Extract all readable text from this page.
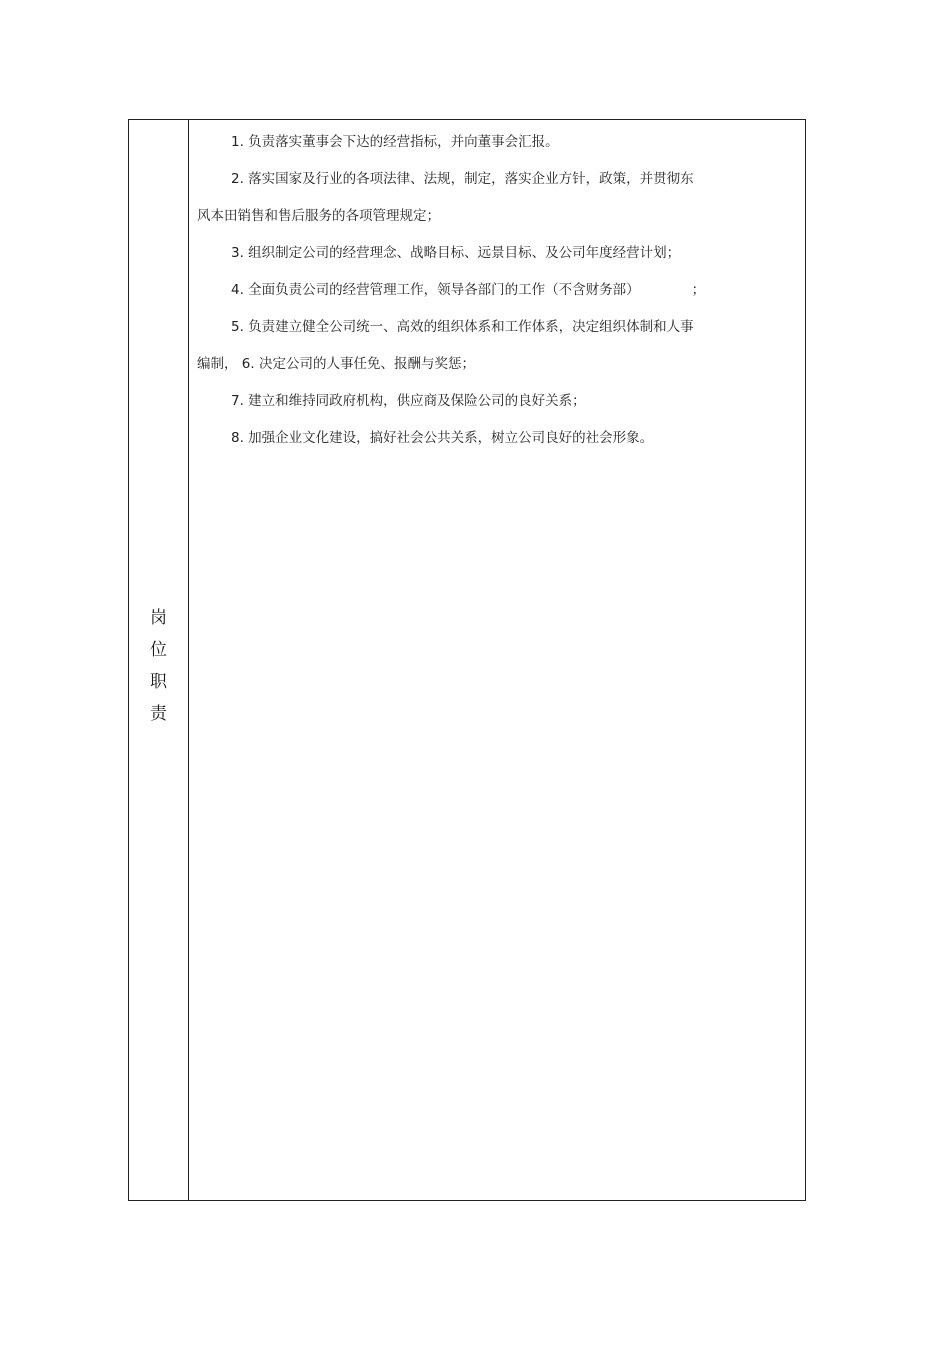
岗
位
职
责
1. 负责落实董事会下达的经营指标，并向董事会汇报。
2. 落实国家及行业的各项法律、法规，制定，落实企业方针，政策，并贯彻东
风本田销售和售后服务的各项管理规定；
3. 组织制定公司的经营理念、战略目标、远景目标、及公司年度经营计划；
4. 全面负责公司的经营管理工作，领导各部门的工作（不含财务部）	；
5. 负责建立健全公司统一、高效的组织体系和工作体系，决定组织体制和人事
编制， 6. 决定公司的人事任免、报酬与奖惩；
7. 建立和维持同政府机构，供应商及保险公司的良好关系；
8. 加强企业文化建设，搞好社会公共关系，树立公司良好的社会形象。
